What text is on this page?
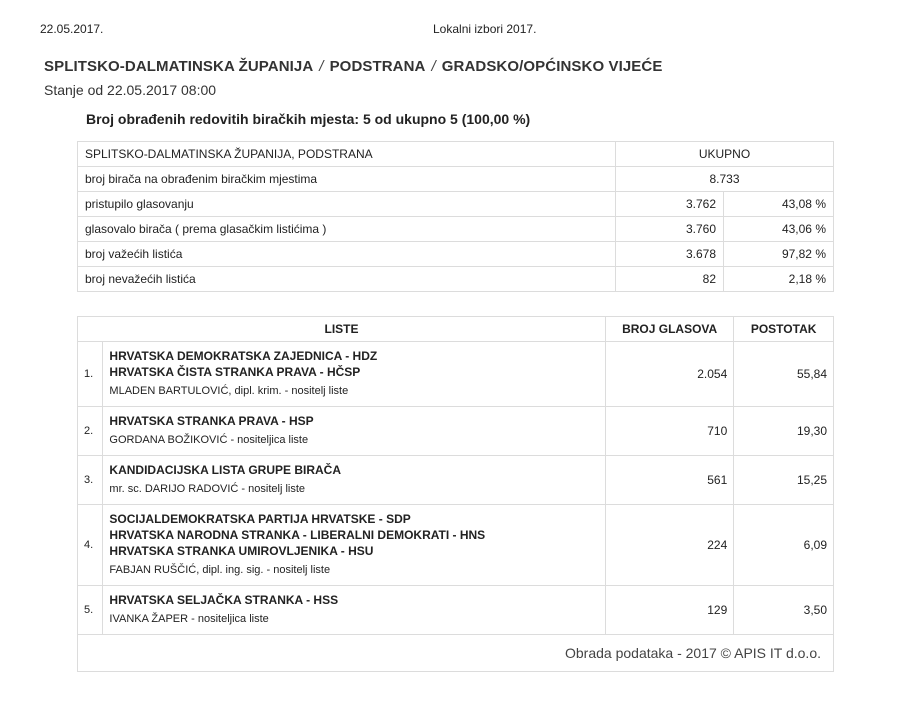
22.05.2017.	Lokalni izbori 2017.
SPLITSKO-DALMATINSKA ŽUPANIJA / PODSTRANA / GRADSKO/OPĆINSKO VIJEĆE
Stanje od 22.05.2017 08:00
Broj obrađenih redovitih biračkih mjesta: 5 od ukupno 5 (100,00 %)
SPLITSKO-DALMATINSKA ŽUPANIJA, PODSTRANA	UKUPNO	
broj birača na obrađenim biračkim mjestima	8.733	
pristupilo glasovanju	3.762	43,08 %
glasovalo birača ( prema glasačkim listićima )	3.760	43,06 %
broj važećih listića	3.678	97,82 %
broj nevažećih listića	82	2,18 %
LISTE		BROJ GLASOVA	POSTOTAK
1.	HRVATSKA DEMOKRATSKA ZAJEDNICA - HDZ
HRVATSKA ČISTA STRANKA PRAVA - HČSP
MLADEN BARTULOVIĆ, dipl. krim. - nositelj liste	2.054	55,84
2.	HRVATSKA STRANKA PRAVA - HSP
GORDANA BOŽIKOVIĆ - nositeljica liste	710	19,30
3.	KANDIDACIJSKA LISTA GRUPE BIRAČA
mr. sc. DARIJO RADOVIĆ - nositelj liste	561	15,25
4.	SOCIJALDEMOKRATSKA PARTIJA HRVATSKE - SDP
HRVATSKA NARODNA STRANKA - LIBERALNI DEMOKRATI - HNS
HRVATSKA STRANKA UMIROVLJENIKA - HSU
FABJAN RUŠČIĆ, dipl. ing. sig. - nositelj liste	224	6,09
5.	HRVATSKA SELJAČKA STRANKA - HSS
IVANKA ŽAPER - nositeljica liste	129	3,50
Obrada podataka - 2017 © APIS IT d.o.o.			
